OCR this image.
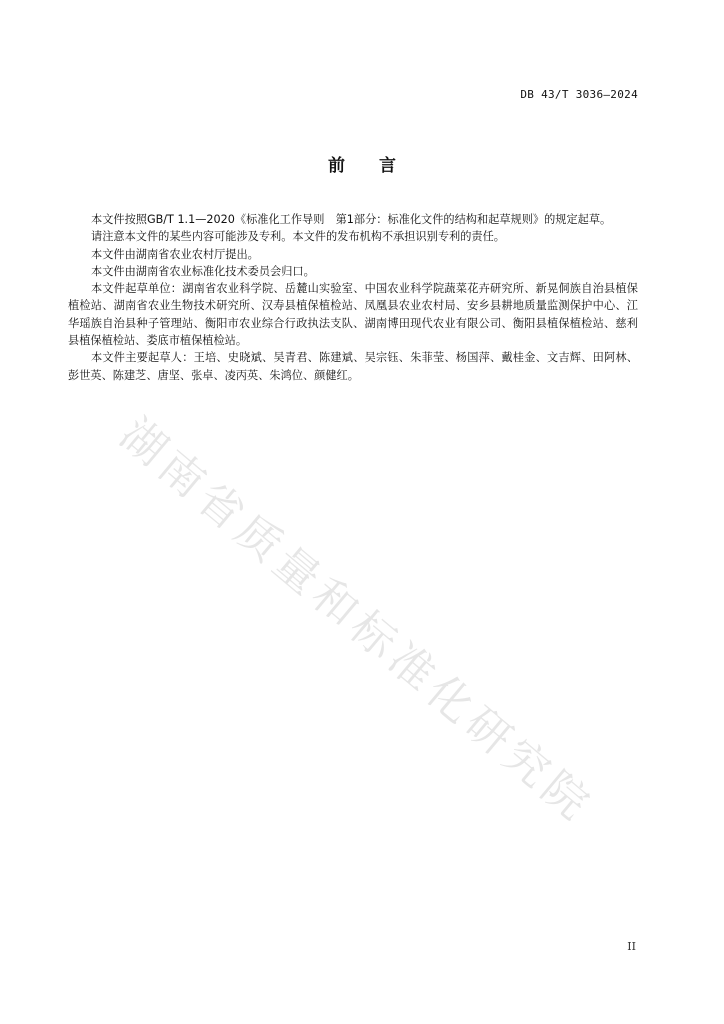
湖南省质量和标准化研究院
DB 43/T 3036—2024
前言

本文件按照GB/T 1.1—2020《标准化工作导则　第1部分：标准化文件的结构和起草规则》的规定起草。

请注意本文件的某些内容可能涉及专利。本文件的发布机构不承担识别专利的责任。

本文件由湖南省农业农村厅提出。

本文件由湖南省农业标准化技术委员会归口。

本文件起草单位：湖南省农业科学院、岳麓山实验室、中国农业科学院蔬菜花卉研究所、新晃侗族自治县植保植检站、湖南省农业生物技术研究所、汉寿县植保植检站、凤凰县农业农村局、安乡县耕地质量监测保护中心、江华瑶族自治县种子管理站、衡阳市农业综合行政执法支队、湖南博田现代农业有限公司、衡阳县植保植检站、慈利县植保植检站、娄底市植保植检站。

本文件主要起草人：王培、史晓斌、吴青君、陈建斌、吴宗钰、朱菲莹、杨国萍、戴桂金、文吉辉、田阿林、彭世英、陈建芝、唐坚、张卓、凌丙英、朱鸿位、颜健红。

II
